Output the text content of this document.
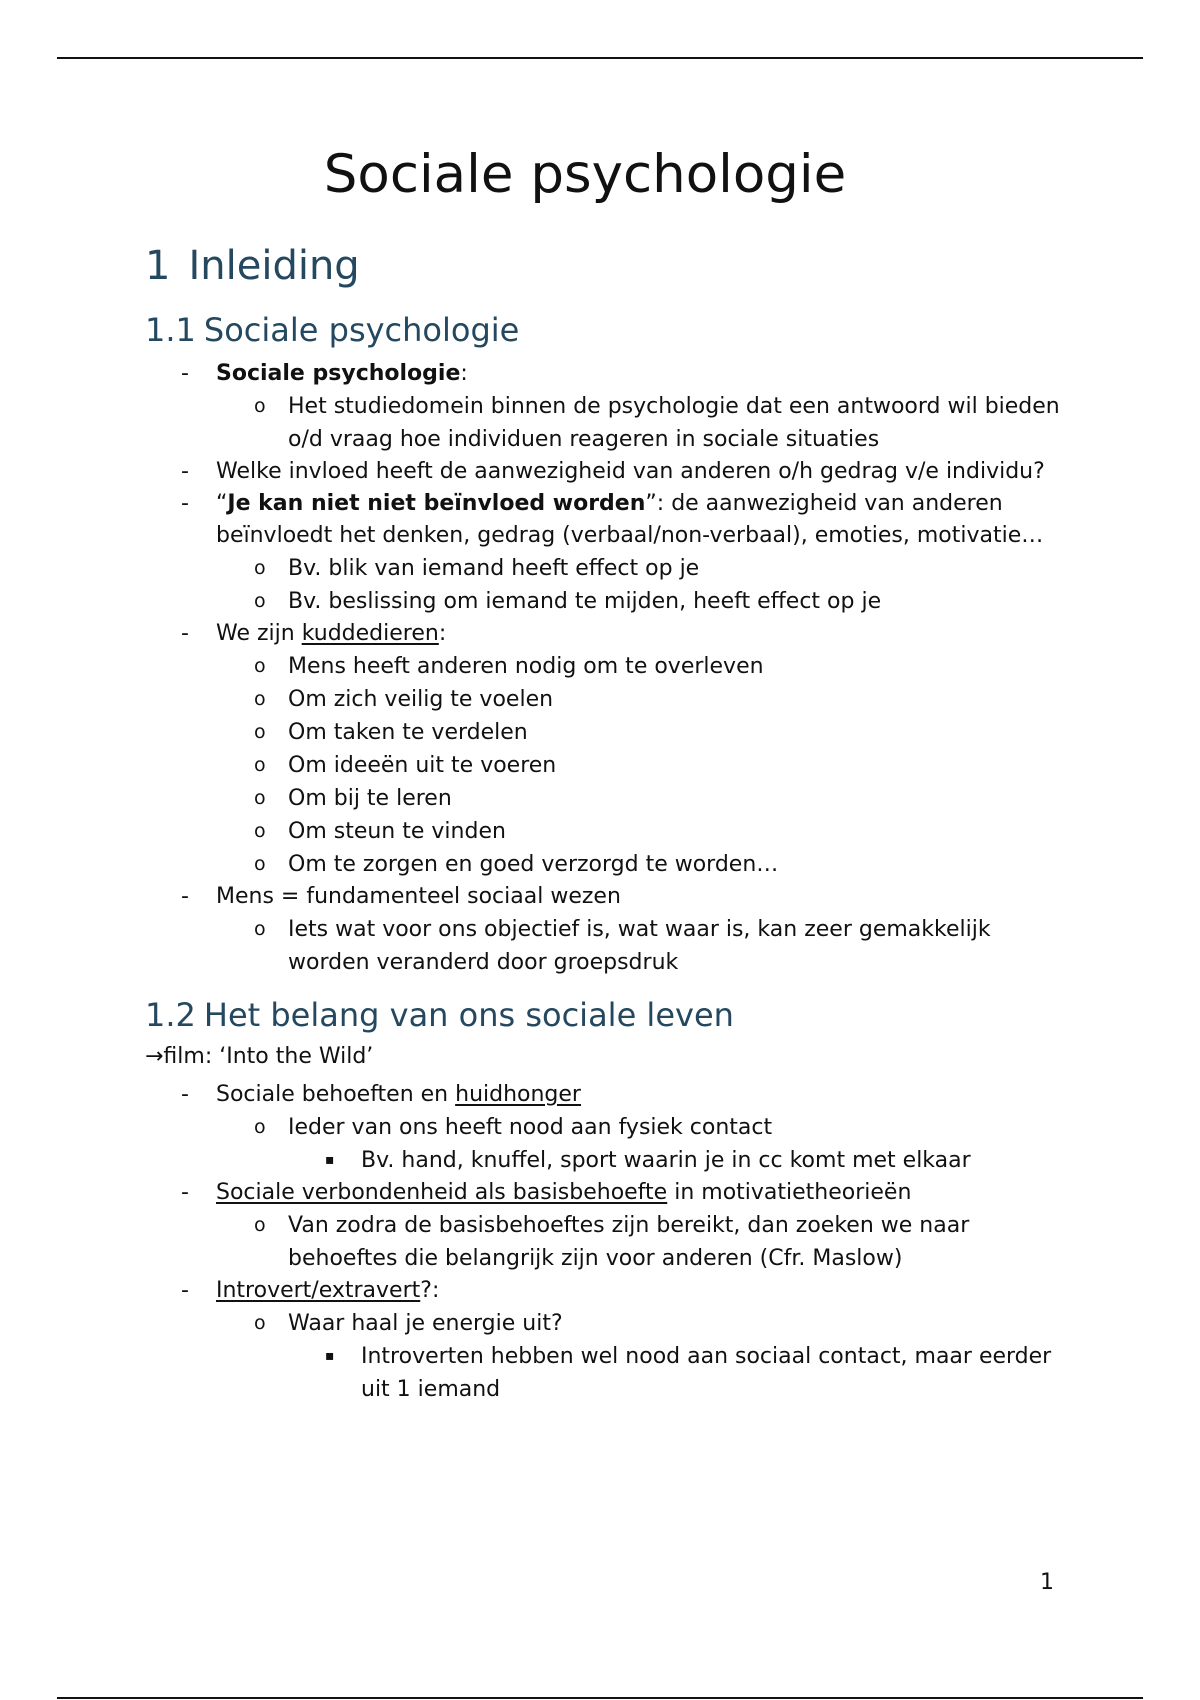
Sociale psychologie
1 Inleiding
1.1 Sociale psychologie
- Sociale psychologie:
o Het studiedomein binnen de psychologie dat een antwoord wil bieden o/d vraag hoe individuen reageren in sociale situaties
- Welke invloed heeft de aanwezigheid van anderen o/h gedrag v/e individu?
- “Je kan niet niet beïnvloed worden”: de aanwezigheid van anderen beïnvloedt het denken, gedrag (verbaal/non-verbaal), emoties, motivatie…
o Bv. blik van iemand heeft effect op je
o Bv. beslissing om iemand te mijden, heeft effect op je
- We zijn kuddedieren:
o Mens heeft anderen nodig om te overleven
o Om zich veilig te voelen
o Om taken te verdelen
o Om ideeën uit te voeren
o Om bij te leren
o Om steun te vinden
o Om te zorgen en goed verzorgd te worden…
- Mens = fundamenteel sociaal wezen
o Iets wat voor ons objectief is, wat waar is, kan zeer gemakkelijk worden veranderd door groepsdruk
1.2 Het belang van ons sociale leven

→film: ‘Into the Wild’

- Sociale behoeften en huidhonger
o Ieder van ons heeft nood aan fysiek contact
▪ Bv. hand, knuffel, sport waarin je in cc komt met elkaar
- Sociale verbondenheid als basisbehoefte in motivatietheorieën
o Van zodra de basisbehoeftes zijn bereikt, dan zoeken we naar behoeftes die belangrijk zijn voor anderen (Cfr. Maslow)
- Introvert/extravert?:
o Waar haal je energie uit?
▪ Introverten hebben wel nood aan sociaal contact, maar eerder uit 1 iemand
1
